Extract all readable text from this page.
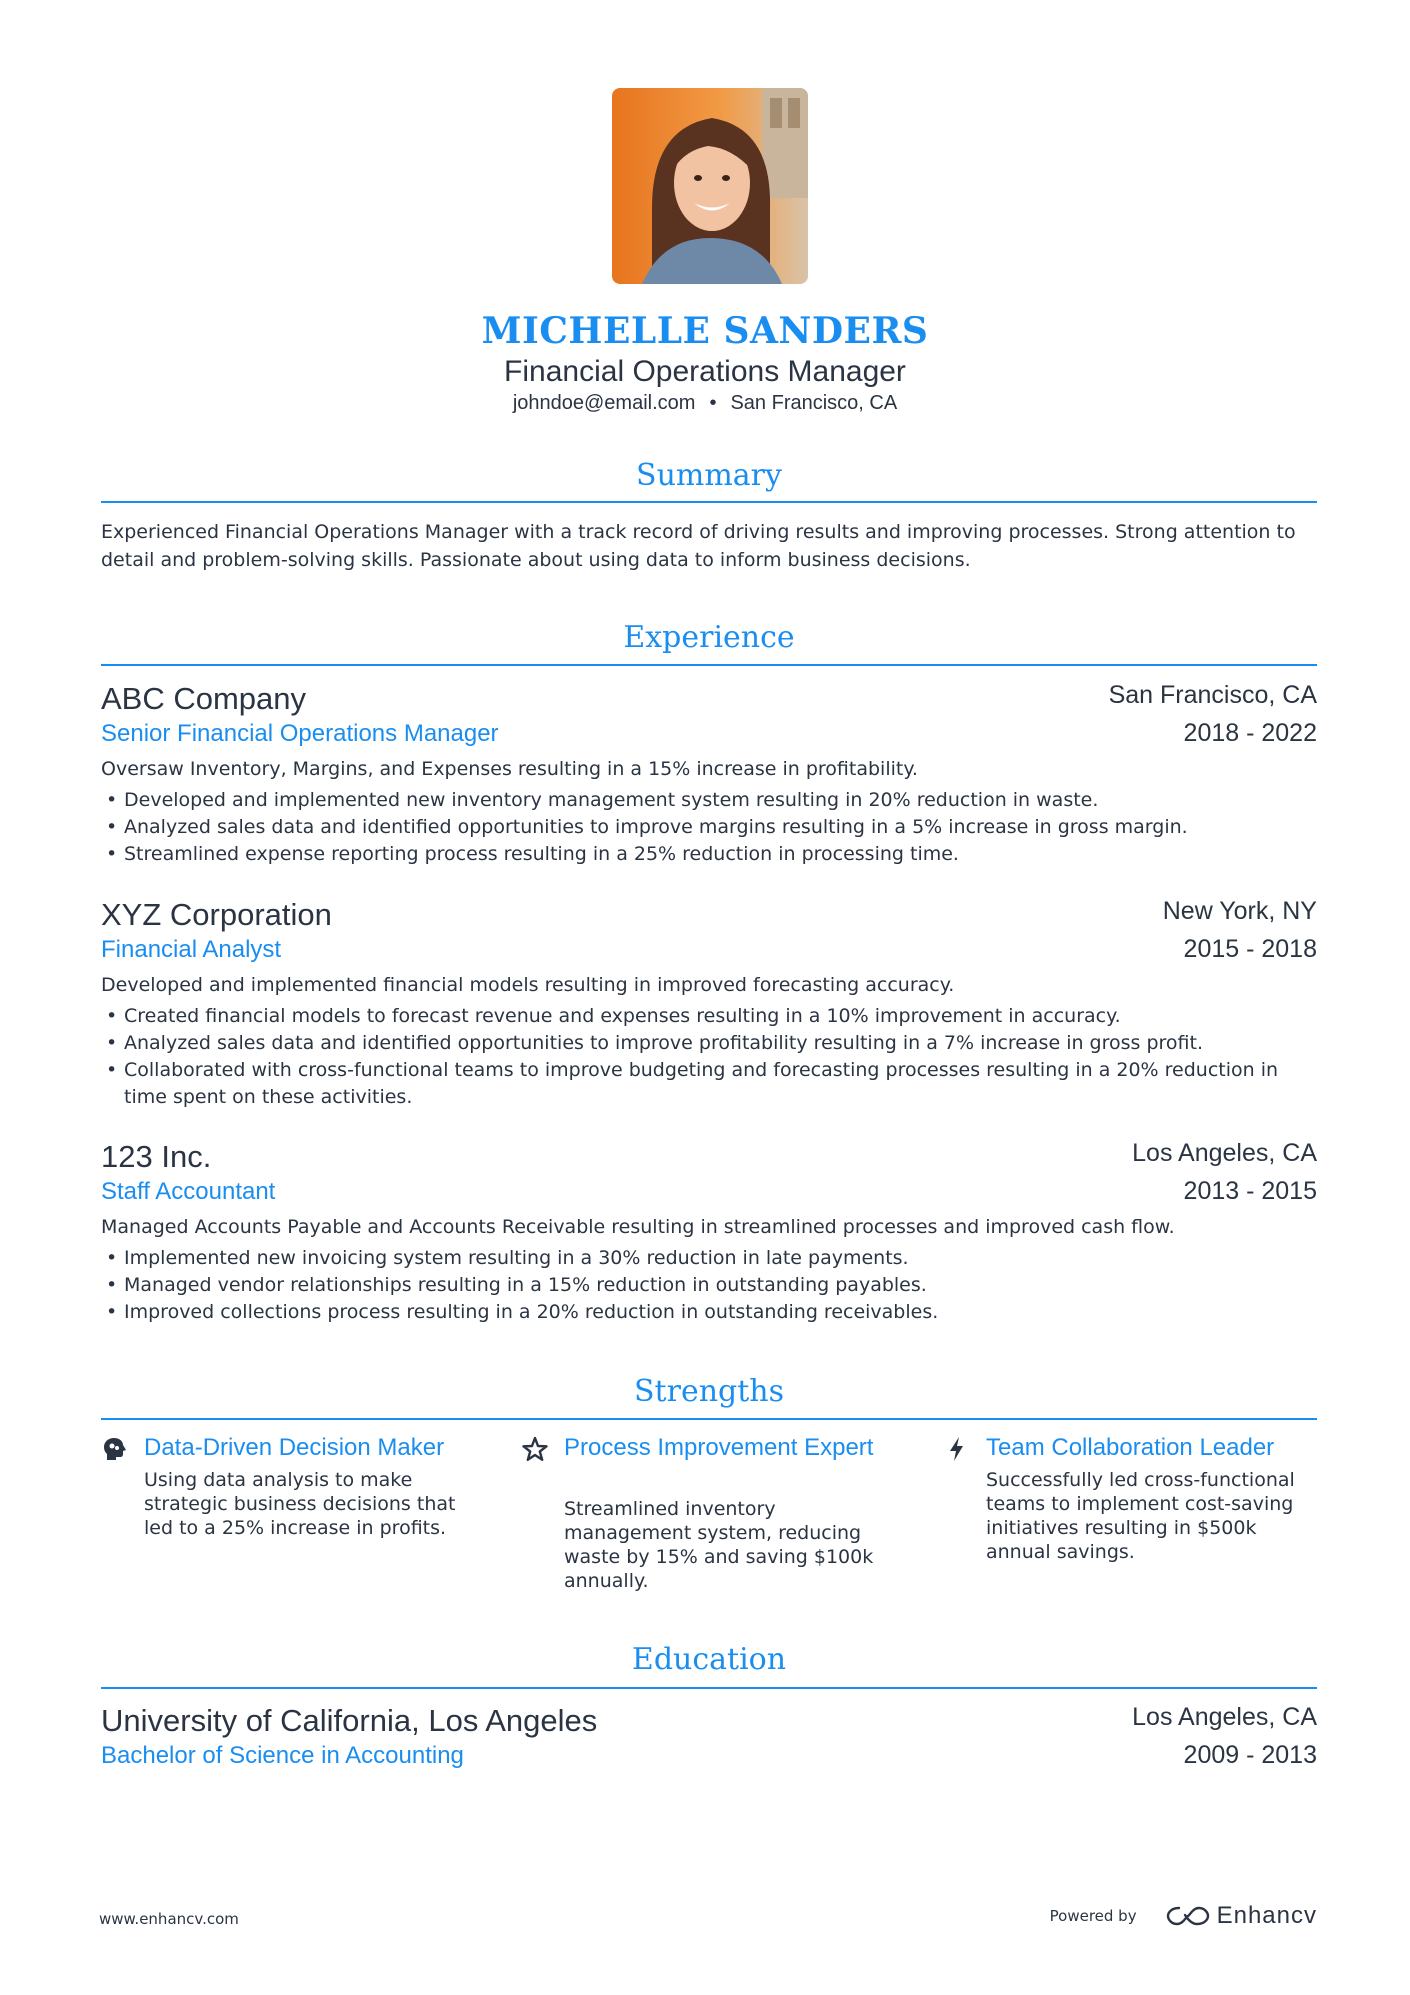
MICHELLE SANDERS
Financial Operations Manager
johndoe@email.com • San Francisco, CA
Summary
Experienced Financial Operations Manager with a track record of driving results and improving processes. Strong attention to detail and problem-solving skills. Passionate about using data to inform business decisions.
Experience
ABC Company	San Francisco, CA
Senior Financial Operations Manager	2018 - 2022
Oversaw Inventory, Margins, and Expenses resulting in a 15% increase in profitability.
• Developed and implemented new inventory management system resulting in 20% reduction in waste.
• Analyzed sales data and identified opportunities to improve margins resulting in a 5% increase in gross margin.
• Streamlined expense reporting process resulting in a 25% reduction in processing time.
XYZ Corporation	New York, NY
Financial Analyst	2015 - 2018
Developed and implemented financial models resulting in improved forecasting accuracy.
• Created financial models to forecast revenue and expenses resulting in a 10% improvement in accuracy.
• Analyzed sales data and identified opportunities to improve profitability resulting in a 7% increase in gross profit.
• Collaborated with cross-functional teams to improve budgeting and forecasting processes resulting in a 20% reduction in time spent on these activities.
123 Inc.	Los Angeles, CA
Staff Accountant	2013 - 2015
Managed Accounts Payable and Accounts Receivable resulting in streamlined processes and improved cash flow.
• Implemented new invoicing system resulting in a 30% reduction in late payments.
• Managed vendor relationships resulting in a 15% reduction in outstanding payables.
• Improved collections process resulting in a 20% reduction in outstanding receivables.
Strengths
Data-Driven Decision Maker
Using data analysis to make strategic business decisions that led to a 25% increase in profits.
Process Improvement Expert
Streamlined inventory management system, reducing waste by 15% and saving $100k annually.
Team Collaboration Leader
Successfully led cross-functional teams to implement cost-saving initiatives resulting in $500k annual savings.
Education
University of California, Los Angeles	Los Angeles, CA
Bachelor of Science in Accounting	2009 - 2013
www.enhancv.com	Powered by	Enhancv
